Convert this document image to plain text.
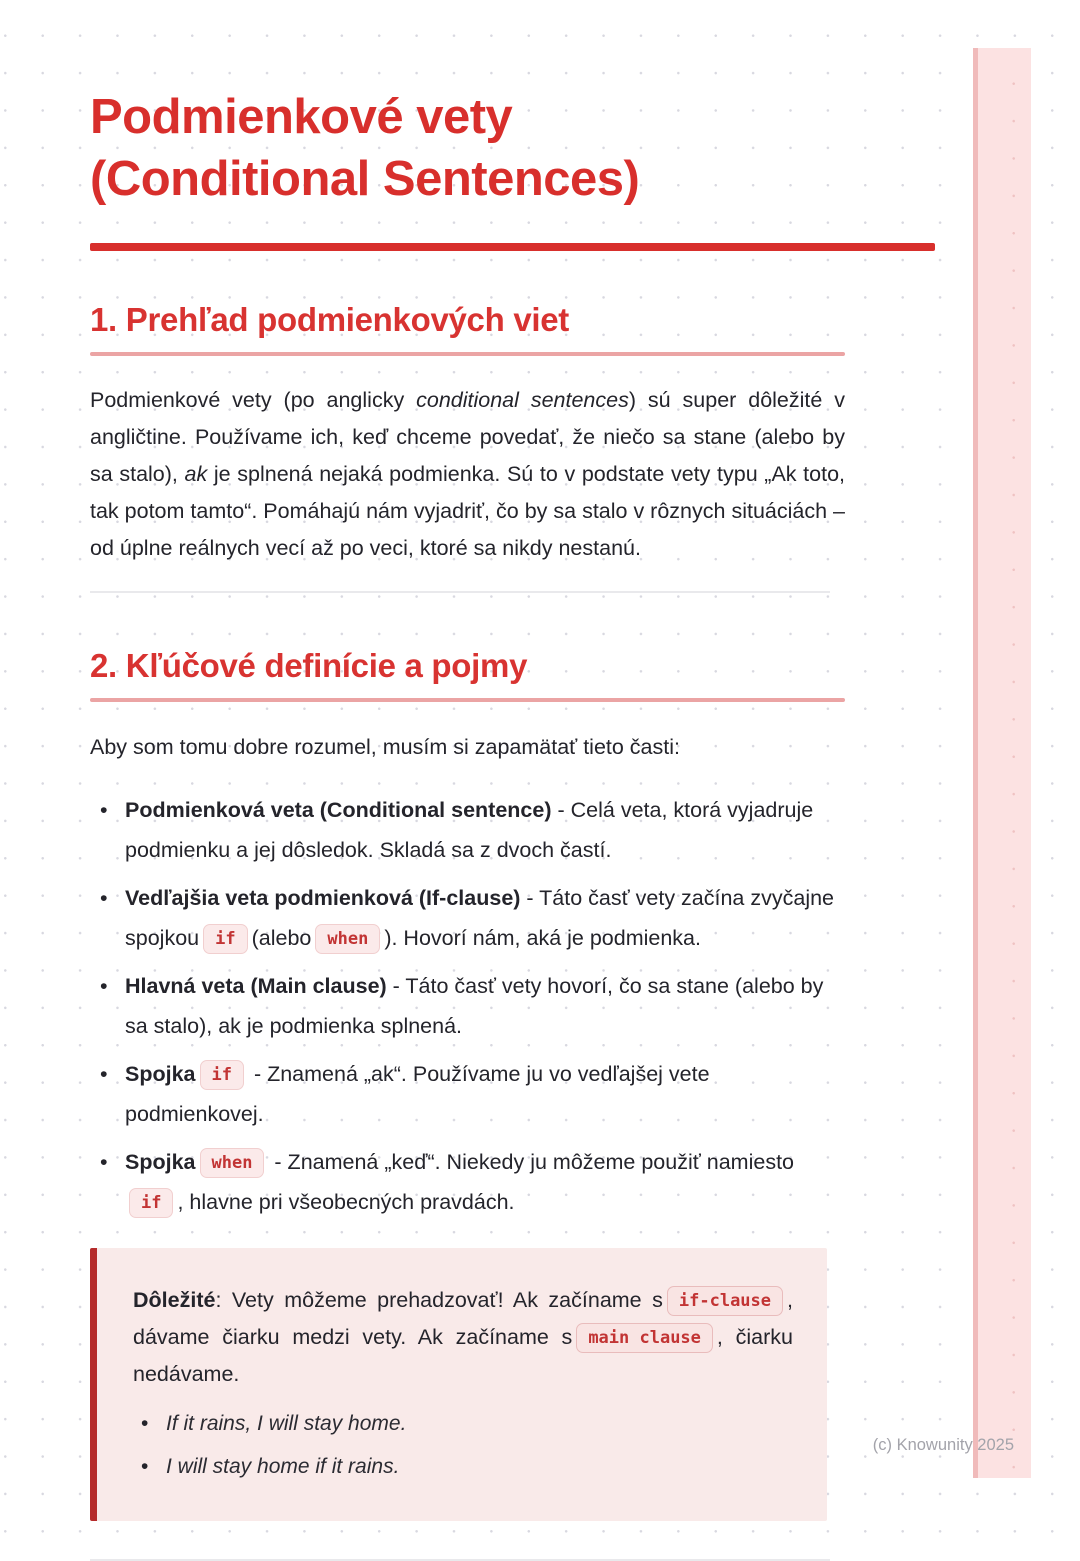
Podmienkové vety
(Conditional Sentences)
1. Prehľad podmienkových viet

Podmienkové vety (po anglicky conditional sentences) sú super dôležité v angličtine. Používame ich, keď chceme povedať, že niečo sa stane (alebo by sa stalo), ak je splnená nejaká podmienka. Sú to v podstate vety typu „Ak toto, tak potom tamto“. Pomáhajú nám vyjadriť, čo by sa stalo v rôznych situáciách – od úplne reálnych vecí až po veci, ktoré sa nikdy nestanú.

2. Kľúčové definície a pojmy

Aby som tomu dobre rozumel, musím si zapamätať tieto časti:

• Podmienková veta (Conditional sentence) - Celá veta, ktorá vyjadruje podmienku a jej dôsledok. Skladá sa z dvoch častí.
• Vedľajšia veta podmienková (If-clause) - Táto časť vety začína zvyčajne spojkou if (alebo when ). Hovorí nám, aká je podmienka.
• Hlavná veta (Main clause) - Táto časť vety hovorí, čo sa stane (alebo by sa stalo), ak je podmienka splnená.
• Spojka if - Znamená „ak“. Používame ju vo vedľajšej vete podmienkovej.
• Spojka when - Znamená „keď“. Niekedy ju môžeme použiť namiestoif , hlavne pri všeobecných pravdách.

Dôležité: Vety môžeme prehadzovať! Ak začíname s if-clause , dávame čiarku medzi vety. Ak začíname s main clause , čiarku nedávame.

• If it rains, I will stay home.
• I will stay home if it rains.
(c) Knowunity 2025
